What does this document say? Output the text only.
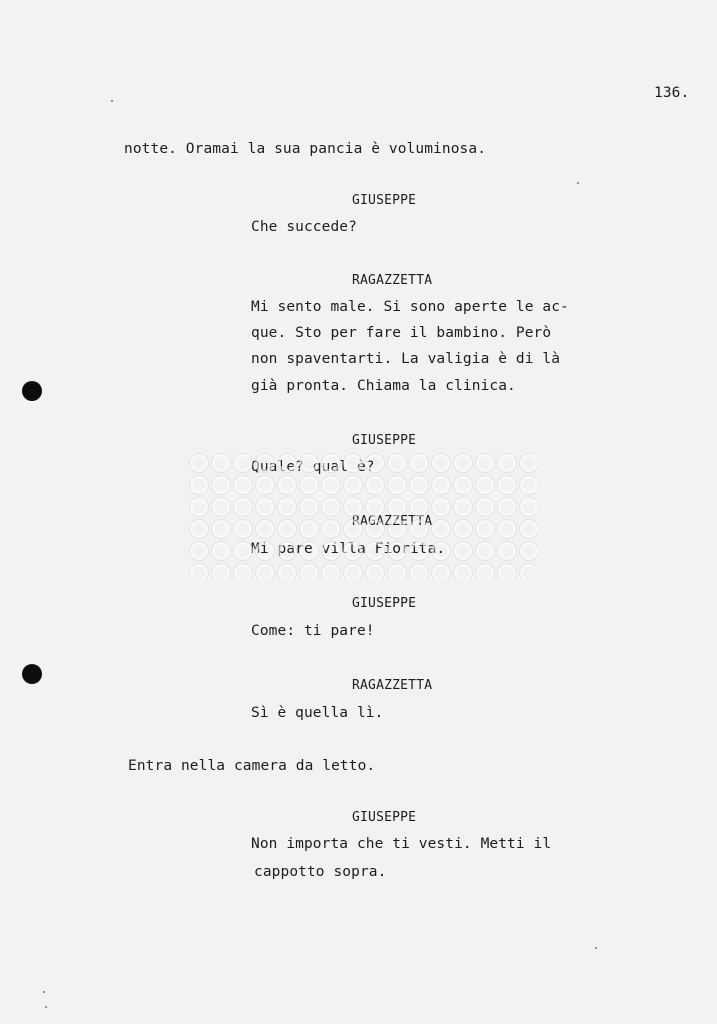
136.
notte. Oramai la sua pancia è voluminosa.
GIUSEPPE
Che succede?
RAGAZZETTA
Mi sento male. Si sono aperte le ac-
que. Sto per fare il bambino. Però
non spaventarti. La valigia è di là
già pronta. Chiama la clinica.
GIUSEPPE
GIUSEPPE
Come: ti pare!
RAGAZZETTA
Sì è quella lì.
Entra nella camera da letto.
GIUSEPPE
Non importa che ti vesti. Metti il
cappotto sopra.
